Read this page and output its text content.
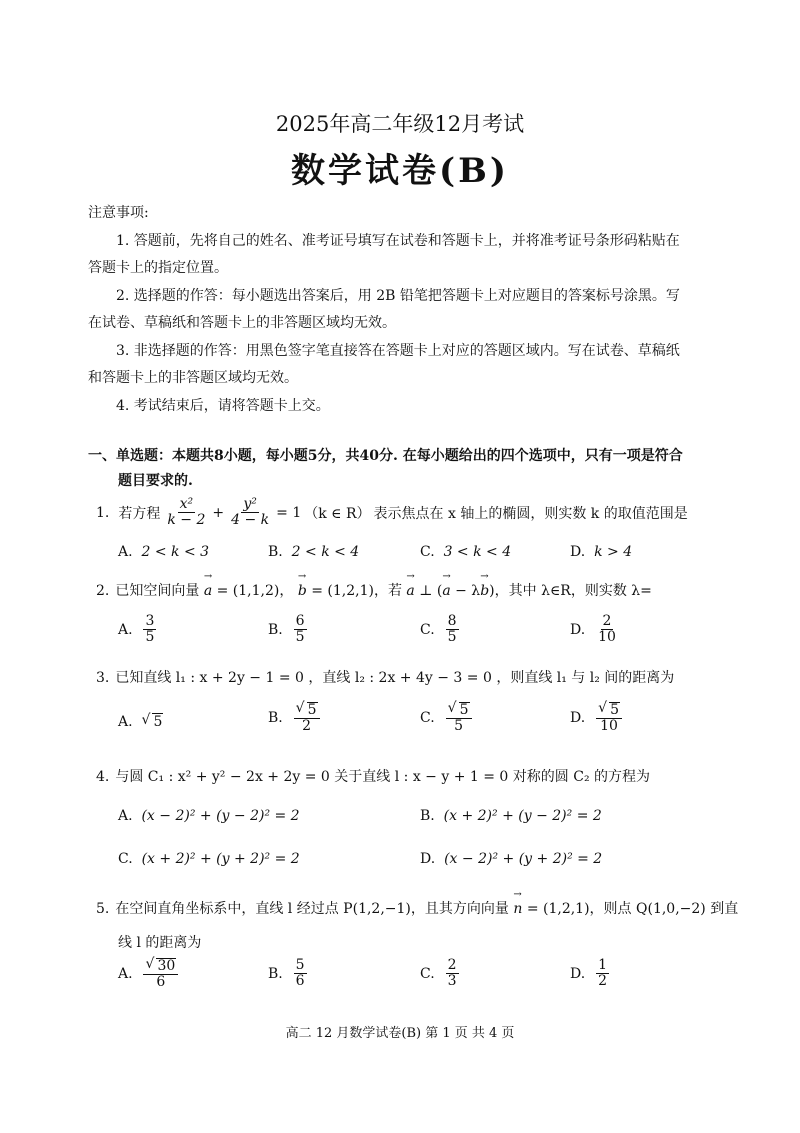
2025年高二年级12月考试
数学试卷(B)
注意事项:
1. 答题前，先将自己的姓名、准考证号填写在试卷和答题卡上，并将准考证号条形码粘贴在
答题卡上的指定位置。
2. 选择题的作答：每小题选出答案后，用 2B 铅笔把答题卡上对应题目的答案标号涂黑。写
在试卷、草稿纸和答题卡上的非答题区域均无效。
3. 非选择题的作答：用黑色签字笔直接答在答题卡上对应的答题区域内。写在试卷、草稿纸
和答题卡上的非答题区域均无效。
4. 考试结束后，请将答题卡上交。
一、单选题：本题共8小题，每小题5分，共40分. 在每小题给出的四个选项中，只有一项是符合
题目要求的.
1. 若方程 $\frac{\text{x²}}{k - 2} + \frac{\text{y²}}{4 - k} = 1$ （k ∈ R） 表示焦点在 x 轴上的椭圆，则实数 k 的取值范围是
A. 2 < k < 3	B. 2 < k < 4	C. 3 < k < 4	D. k > 4
2. 已知空间向量 → a = (1,1,2)， → b = (1,2,1)，若 → a ⊥ (→ a − λ→ b)，其中 λ∈R，则实数 λ=
A.
$\frac{3}{5}$	B.
$\frac{6}{5}$	C.
$\frac{8}{5}$	D.
$\frac{2}{10}$
3. 已知直线 l₁ : x + 2y − 1 = 0 ，直线 l₂ : 2x + 4y − 3 = 0 ，则直线 l₁ 与 l₂ 间的距离为
A. √ 5	B.
$\frac{√ 5}{2}$	C.
$\frac{√ 5}{5}$	D.
$\frac{√ 5}{10}$
4. 与圆 C₁ : x² + y² − 2x + 2y = 0 关于直线 l : x − y + 1 = 0 对称的圆 C₂ 的方程为
A. (x − 2)² + (y − 2)² = 2	B. (x + 2)² + (y − 2)² = 2
C. (x + 2)² + (y + 2)² = 2	D. (x − 2)² + (y + 2)² = 2
5. 在空间直角坐标系中，直线 l 经过点 P(1,2,−1)，且其方向向量 → n = (1,2,1)，则点 Q(1,0,−2) 到直
线 l 的距离为
A.
$\frac{√ 30}{6}$	B.
$\frac{5}{6}$	C.
$\frac{2}{3}$	D.
$\frac{1}{2}$
高二 12 月数学试卷(B) 第 1 页 共 4 页
